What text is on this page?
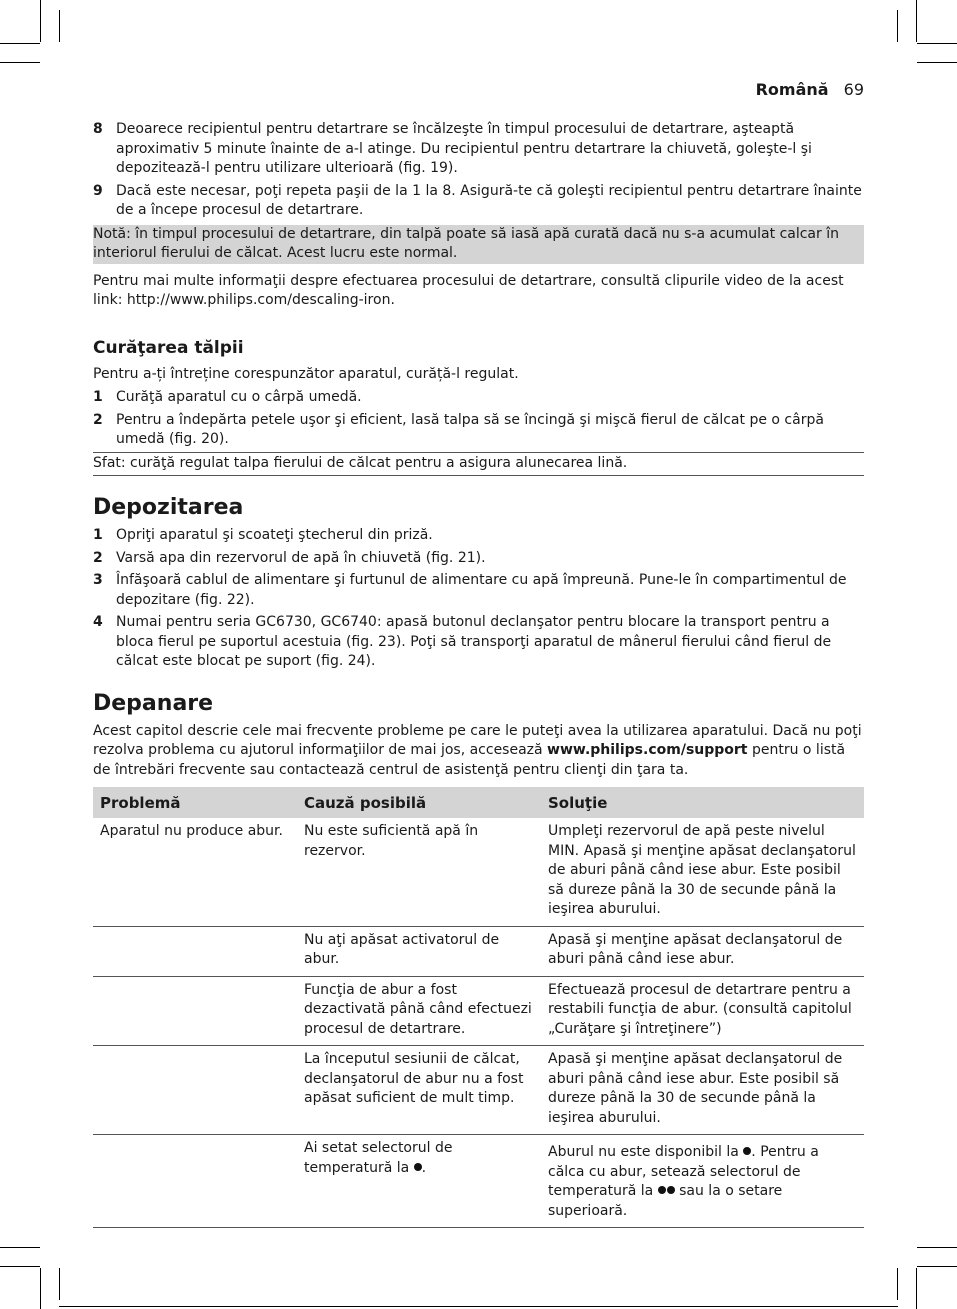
Română 69
8 Deoarece recipientul pentru detartrare se încălzeşte în timpul procesului de detartrare, aşteaptă aproximativ 5 minute înainte de a-l atinge. Du recipientul pentru detartrare la chiuvetă, goleşte-l şi depozitează-l pentru utilizare ulterioară (fig. 19).
9 Dacă este necesar, poţi repeta paşii de la 1 la 8. Asigură-te că goleşti recipientul pentru detartrare înainte de a începe procesul de detartrare.

Notă: în timpul procesului de detartrare, din talpă poate să iasă apă curată dacă nu s-a acumulat calcar în interiorul fierului de călcat. Acest lucru este normal.

Pentru mai multe informaţii despre efectuarea procesului de detartrare, consultă clipurile video de la acest link: http://www.philips.com/descaling-iron.

Curăţarea tălpii

Pentru a-ți întreține corespunzător aparatul, curăță-l regulat.

1 Curăţă aparatul cu o cârpă umedă.
2 Pentru a îndepărta petele uşor şi eficient, lasă talpa să se încingă şi mişcă fierul de călcat pe o cârpă umedă (fig. 20).

Sfat: curăţă regulat talpa fierului de călcat pentru a asigura alunecarea lină.

Depozitarea
1 Opriţi aparatul şi scoateţi ştecherul din priză.
2 Varsă apa din rezervorul de apă în chiuvetă (fig. 21).
3 Înfăşoară cablul de alimentare şi furtunul de alimentare cu apă împreună. Pune-le în compartimentul de depozitare (fig. 22).
4 Numai pentru seria GC6730, GC6740: apasă butonul declanşator pentru blocare la transport pentru a bloca fierul pe suportul acestuia (fig. 23). Poţi să transporţi aparatul de mânerul fierului când fierul de călcat este blocat pe suport (fig. 24).
Depanare

Acest capitol descrie cele mai frecvente probleme pe care le puteţi avea la utilizarea aparatului. Dacă nu poţi rezolva problema cu ajutorul informaţiilor de mai jos, accesează www.philips.com/support pentru o listă de întrebări frecvente sau contactează centrul de asistenţă pentru clienţi din ţara ta.

Problemă	Cauză posibilă	Soluţie
Aparatul nu produce abur.	Nu este suficientă apă în rezervor.	Umpleţi rezervorul de apă peste nivelul MIN. Apasă şi menţine apăsat declanşatorul de aburi până când iese abur. Este posibil să dureze până la 30 de secunde până la ieşirea aburului.
	Nu aţi apăsat activatorul de abur.	Apasă şi menţine apăsat declanşatorul de aburi până când iese abur.
	Funcţia de abur a fost dezactivată până când efectuezi procesul de detartrare.	Efectuează procesul de detartrare pentru a restabili funcţia de abur. (consultă capitolul „Curăţare şi întreţinere”)
	La începutul sesiunii de călcat, declanşatorul de abur nu a fost apăsat suficient de mult timp.	Apasă şi menţine apăsat declanşatorul de aburi până când iese abur. Este posibil să dureze până la 30 de secunde până la ieşirea aburului.
	Ai setat selectorul de temperatură la .	Aburul nu este disponibil la . Pentru a călca cu abur, setează selectorul de temperatură la  sau la o setare superioară.
